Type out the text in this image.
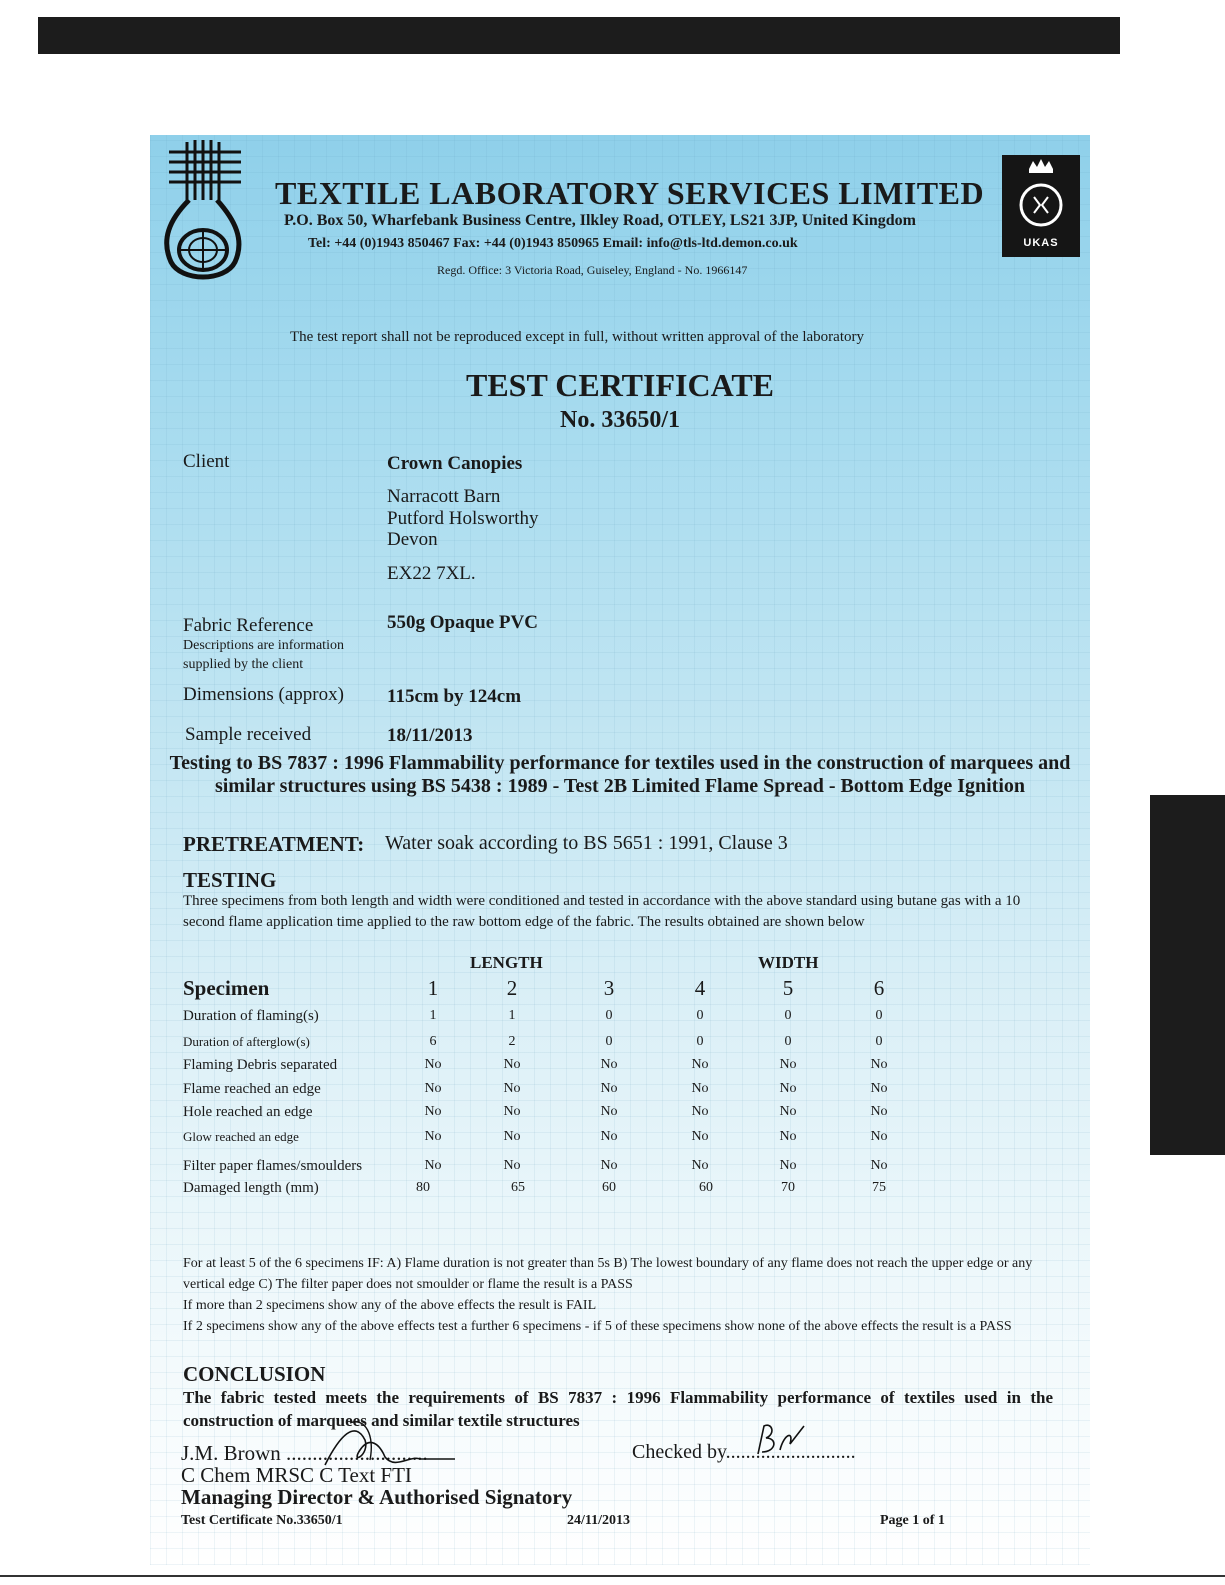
UKAS
TEXTILE LABORATORY SERVICES LIMITED
P.O. Box 50, Wharfebank Business Centre, Ilkley Road, OTLEY, LS21 3JP, United Kingdom
Tel: +44 (0)1943 850467 Fax: +44 (0)1943 850965 Email: info@tls-ltd.demon.co.uk
Regd. Office: 3 Victoria Road, Guiseley, England - No. 1966147
The test report shall not be reproduced except in full, without written approval of the laboratory
TEST CERTIFICATE
No. 33650/1
Client	Crown Canopies
Narracott Barn
Putford Holsworthy
Devon
EX22 7XL.
Fabric Reference
Descriptions are information
supplied by the client
550g Opaque PVC
Dimensions (approx) 115cm by 124cm
Sample received	18/11/2013
Testing to BS 7837 : 1996 Flammability performance for textiles used in the construction of marquees and similar structures using BS 5438 : 1989 - Test 2B Limited Flame Spread - Bottom Edge Ignition
PRETREATMENT: Water soak according to BS 5651 : 1991, Clause 3
TESTING
Three specimens from both length and width were conditioned and tested in accordance with the above standard using butane gas with a 10 second flame application time applied to the raw bottom edge of the fabric. The results obtained are shown below
LENGTH	WIDTH
Specimen	1	2	3	4	5	6
Duration of flaming(s)	1	1	0	0	0	0
Duration of afterglow(s)	6	2	0	0	0	0
Flaming Debris separated	No	No	No	No	No	No
Flame reached an edge	No	No	No	No	No	No
Hole reached an edge	No	No	No	No	No	No
Glow reached an edge	No	No	No	No	No	No
Filter paper flames/smoulders	No	No	No	No	No	No
Damaged length (mm)	80	65	60	60	70	75
For at least 5 of the 6 specimens IF: A) Flame duration is not greater than 5s B) The lowest boundary of any flame does not reach the upper edge or any vertical edge C) The filter paper does not smoulder or flame the result is a PASS
If more than 2 specimens show any of the above effects the result is FAIL
If 2 specimens show any of the above effects test a further 6 specimens - if 5 of these specimens show none of the above effects the result is a PASS
CONCLUSION
The fabric tested meets the requirements of BS 7837 : 1996 Flammability performance of textiles used in the construction of marquees and similar textile structures
J.M. Brown ...........................
C Chem MRSC C Text FTI
Managing Director & Authorised Signatory
Checked by..........................
Test Certificate No.33650/1	24/11/2013	Page 1 of 1
